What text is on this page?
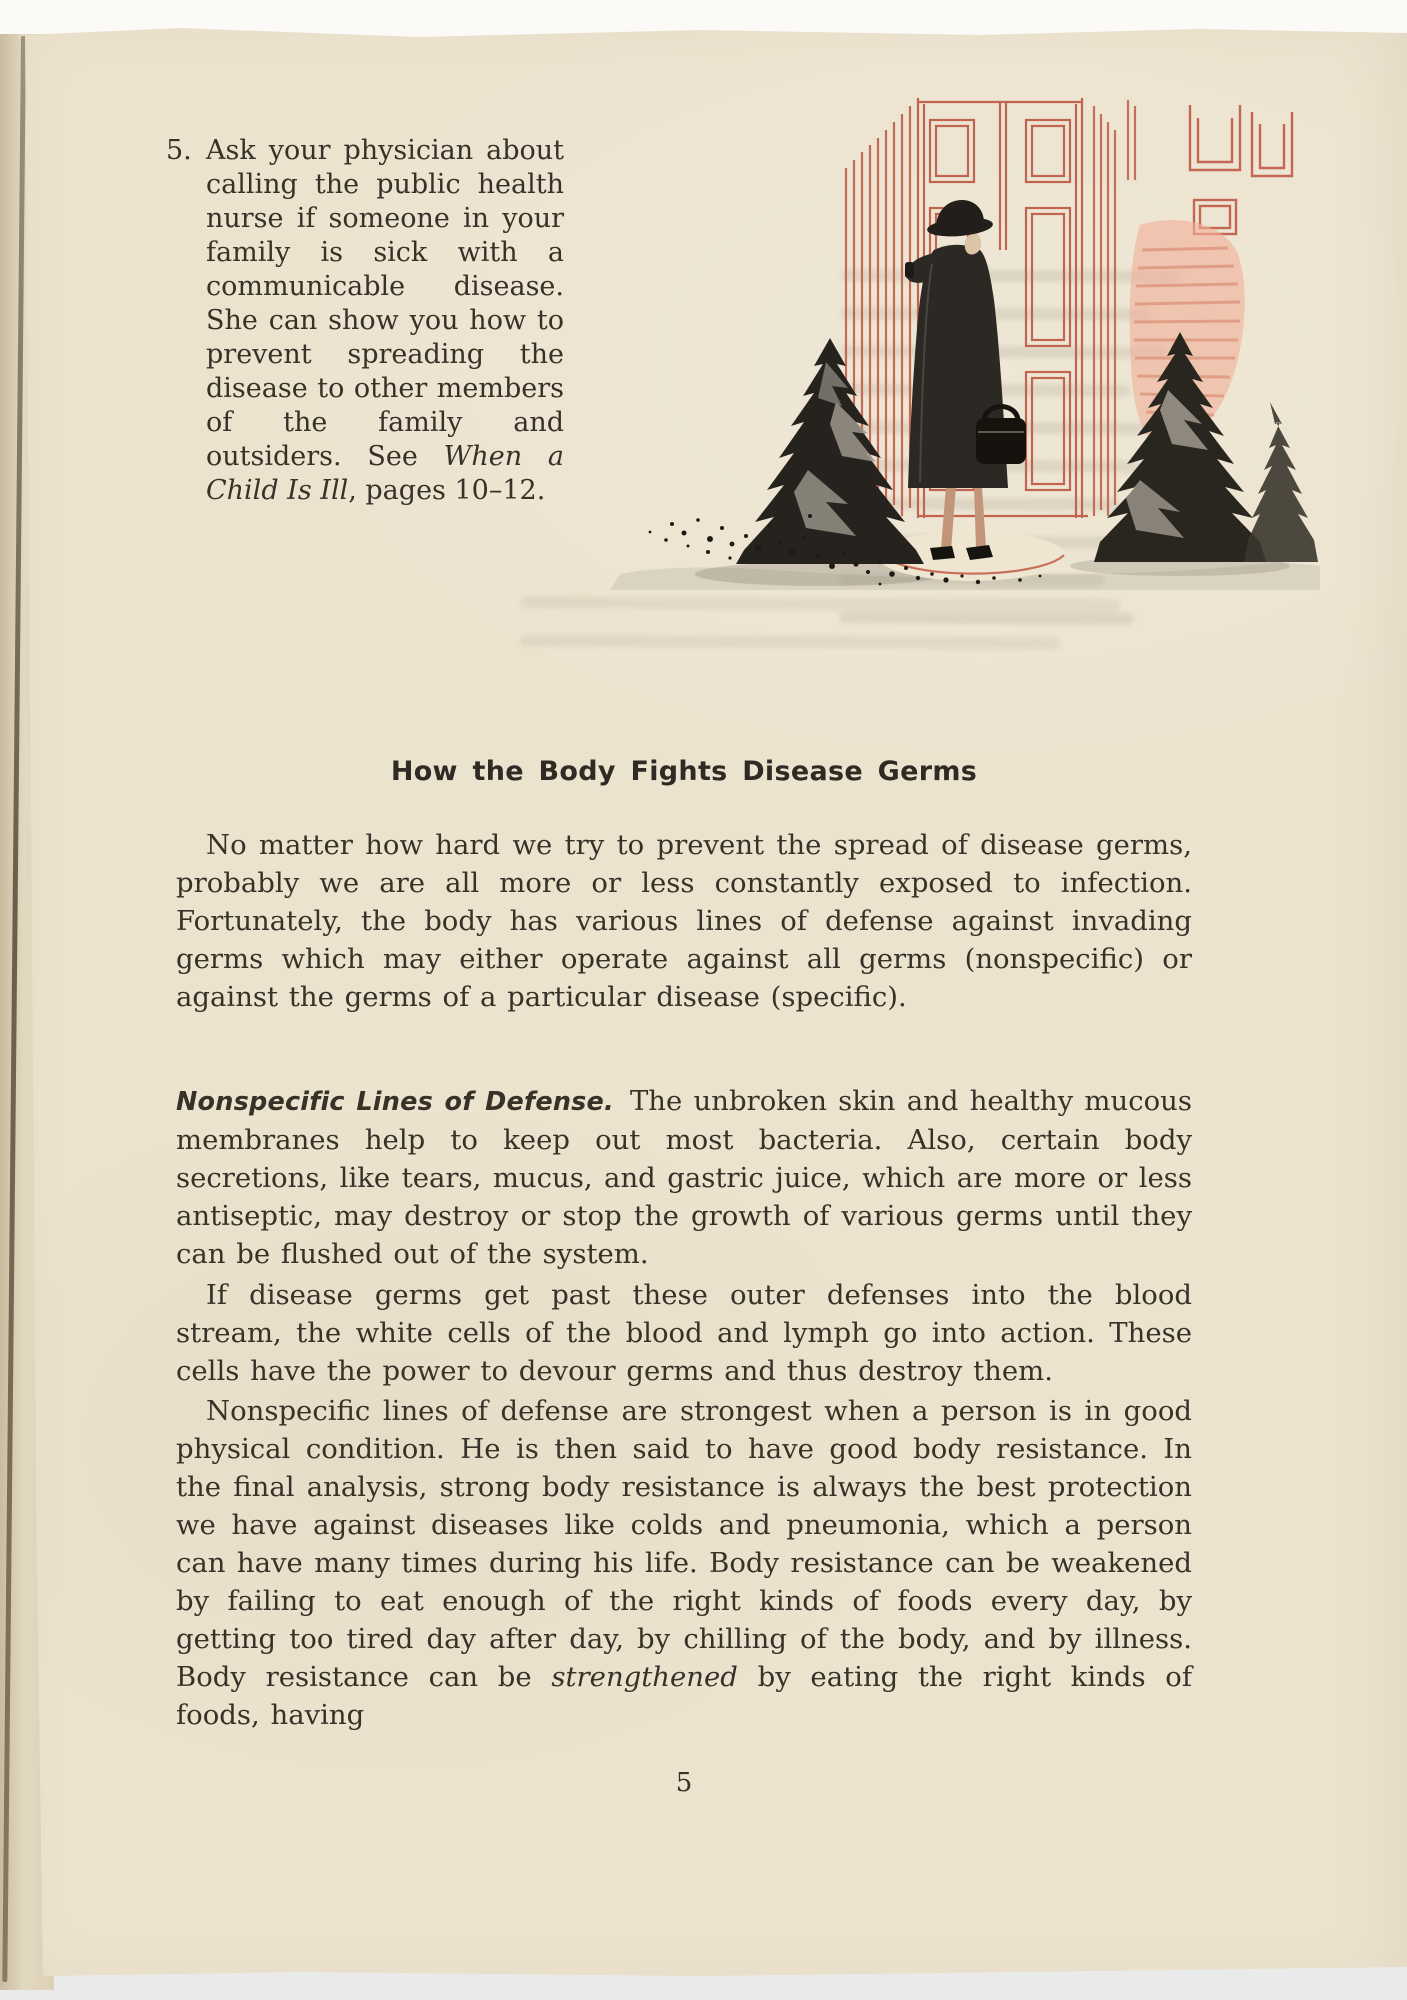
5. Ask your physician about calling the public health nurse if someone in your family is sick with a communicable disease. She can show you how to prevent spreading the disease to other members of the family and outsiders. See When a Child Is Ill, pages 10–12.
How the Body Fights Disease Germs

No matter how hard we try to prevent the spread of disease germs, probably we are all more or less constantly exposed to infection. Fortunately, the body has various lines of defense against invading germs which may either operate against all germs (nonspecific) or against the germs of a particular disease (specific).

Nonspecific Lines of Defense. The unbroken skin and healthy mucous membranes help to keep out most bacteria. Also, certain body secretions, like tears, mucus, and gastric juice, which are more or less antiseptic, may destroy or stop the growth of various germs until they can be flushed out of the system.

If disease germs get past these outer defenses into the blood stream, the white cells of the blood and lymph go into action. These cells have the power to devour germs and thus destroy them.

Nonspecific lines of defense are strongest when a person is in good physical condition. He is then said to have good body resistance. In the final analysis, strong body resistance is always the best protection we have against diseases like colds and pneumonia, which a person can have many times during his life. Body resistance can be weakened by failing to eat enough of the right kinds of foods every day, by getting too tired day after day, by chilling of the body, and by illness. Body resistance can be strengthened by eating the right kinds of foods, having

5
